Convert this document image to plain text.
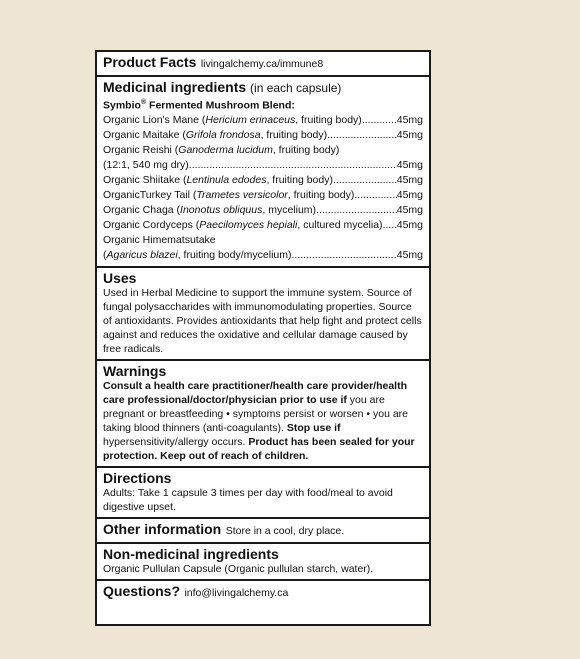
Product Facts livingalchemy.ca/immune8
Medicinal ingredients (in each capsule)
Symbio® Fermented Mushroom Blend:
Organic Lion's Mane (Hericium erinaceus, fruiting body) .....	45mg
Organic Maitake (Grifola frondosa, fruiting body) .....	45mg
Organic Reishi (Ganoderma lucidum, fruiting body)
(12:1, 540 mg dry) .....	45mg
Organic Shiitake (Lentinula edodes, fruiting body) .....	45mg
OrganicTurkey Tail (Trametes versicolor, fruiting body) .....	45mg
Organic Chaga (Inonotus obliquus, mycelium) .....	45mg
Organic Cordyceps (Paecilomyces hepiali, cultured mycelia) ..... 45mg
Organic Himematsutake
(Agaricus blazei, fruiting body/mycelium) .....	45mg
Uses
Used in Herbal Medicine to support the immune system. Source of fungal polysaccharides with immunomodulating properties. Source of antioxidants. Provides antioxidants that help fight and protect cells against and reduces the oxidative and cellular damage caused by free radicals.
Warnings
Consult a health care practitioner/health care provider/health care professional/doctor/physician prior to use if you are pregnant or breastfeeding • symptoms persist or worsen • you are taking blood thinners (anti-coagulants). Stop use if hypersensitivity/allergy occurs. Product has been sealed for your protection. Keep out of reach of children.
Directions
Adults: Take 1 capsule 3 times per day with food/meal to avoid digestive upset.
Other information Store in a cool, dry place.
Non-medicinal ingredients
Organic Pullulan Capsule (Organic pullulan starch, water).
Questions? info@livingalchemy.ca
